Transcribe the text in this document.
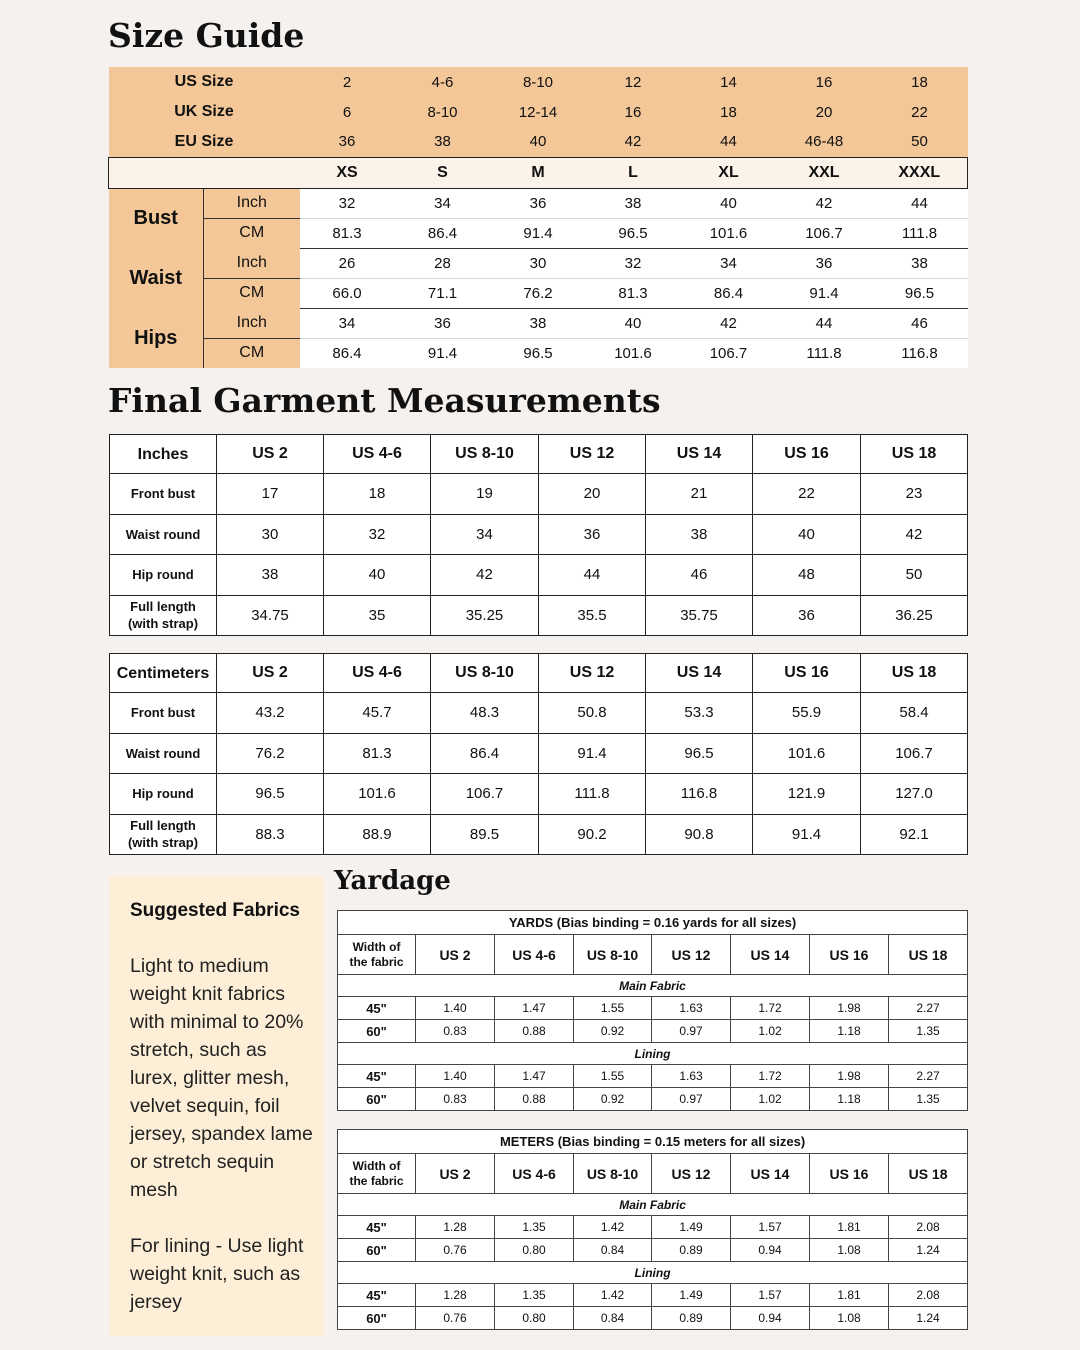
Size Guide
Final Garment Measurements
Yardage
US Size		2	4-6	8-10	12	14	16	18
UK Size		6	8-10	12-14	16	18	20	22
EU Size		36	38	40	42	44	46-48	50
		XS	S	M	L	XL	XXL	XXXL
Bust	Inch	32	34	36	38	40	42	44
	CM	81.3	86.4	91.4	96.5	101.6	106.7	111.8
Waist	Inch	26	28	30	32	34	36	38
	CM	66.0	71.1	76.2	81.3	86.4	91.4	96.5
Hips	Inch	34	36	38	40	42	44	46
	CM	86.4	91.4	96.5	101.6	106.7	111.8	116.8
Inches	US 2	US 4-6	US 8-10	US 12	US 14	US 16	US 18

Front bust	17	18	19	20	21	22	23

Waist round	30	32	34	36	38	40	42

Hip round	38	40	42	44	46	48	50

Full length
(with strap)	34.75	35	35.25	35.5	35.75	36	36.25
Centimeters	US 2	US 4-6	US 8-10	US 12	US 14	US 16	US 18

Front bust	43.2	45.7	48.3	50.8	53.3	55.9	58.4

Waist round	76.2	81.3	86.4	91.4	96.5	101.6	106.7

Hip round	96.5	101.6	106.7	111.8	116.8	121.9	127.0

Full length
(with strap)	88.3	88.9	89.5	90.2	90.8	91.4	92.1
Suggested Fabrics
Light to medium weight knit fabrics with minimal to 20% stretch, such as lurex, glitter mesh, velvet sequin, foil jersey, spandex lame or stretch sequin mesh
For lining - Use light weight knit, such as jersey
YARDS (Bias binding = 0.16 yards for all sizes)							

Width of
the fabric	US 2	US 4-6	US 8-10	US 12	US 14	US 16	US 18
Main Fabric							
45"	1.40	1.47	1.55	1.63	1.72	1.98	2.27
60"	0.83	0.88	0.92	0.97	1.02	1.18	1.35
Lining							
45"	1.40	1.47	1.55	1.63	1.72	1.98	2.27
60"	0.83	0.88	0.92	0.97	1.02	1.18	1.35
METERS (Bias binding = 0.15 meters for all sizes)							

Width of
the fabric	US 2	US 4-6	US 8-10	US 12	US 14	US 16	US 18
Main Fabric							
45"	1.28	1.35	1.42	1.49	1.57	1.81	2.08
60"	0.76	0.80	0.84	0.89	0.94	1.08	1.24
Lining							
45"	1.28	1.35	1.42	1.49	1.57	1.81	2.08
60"	0.76	0.80	0.84	0.89	0.94	1.08	1.24
